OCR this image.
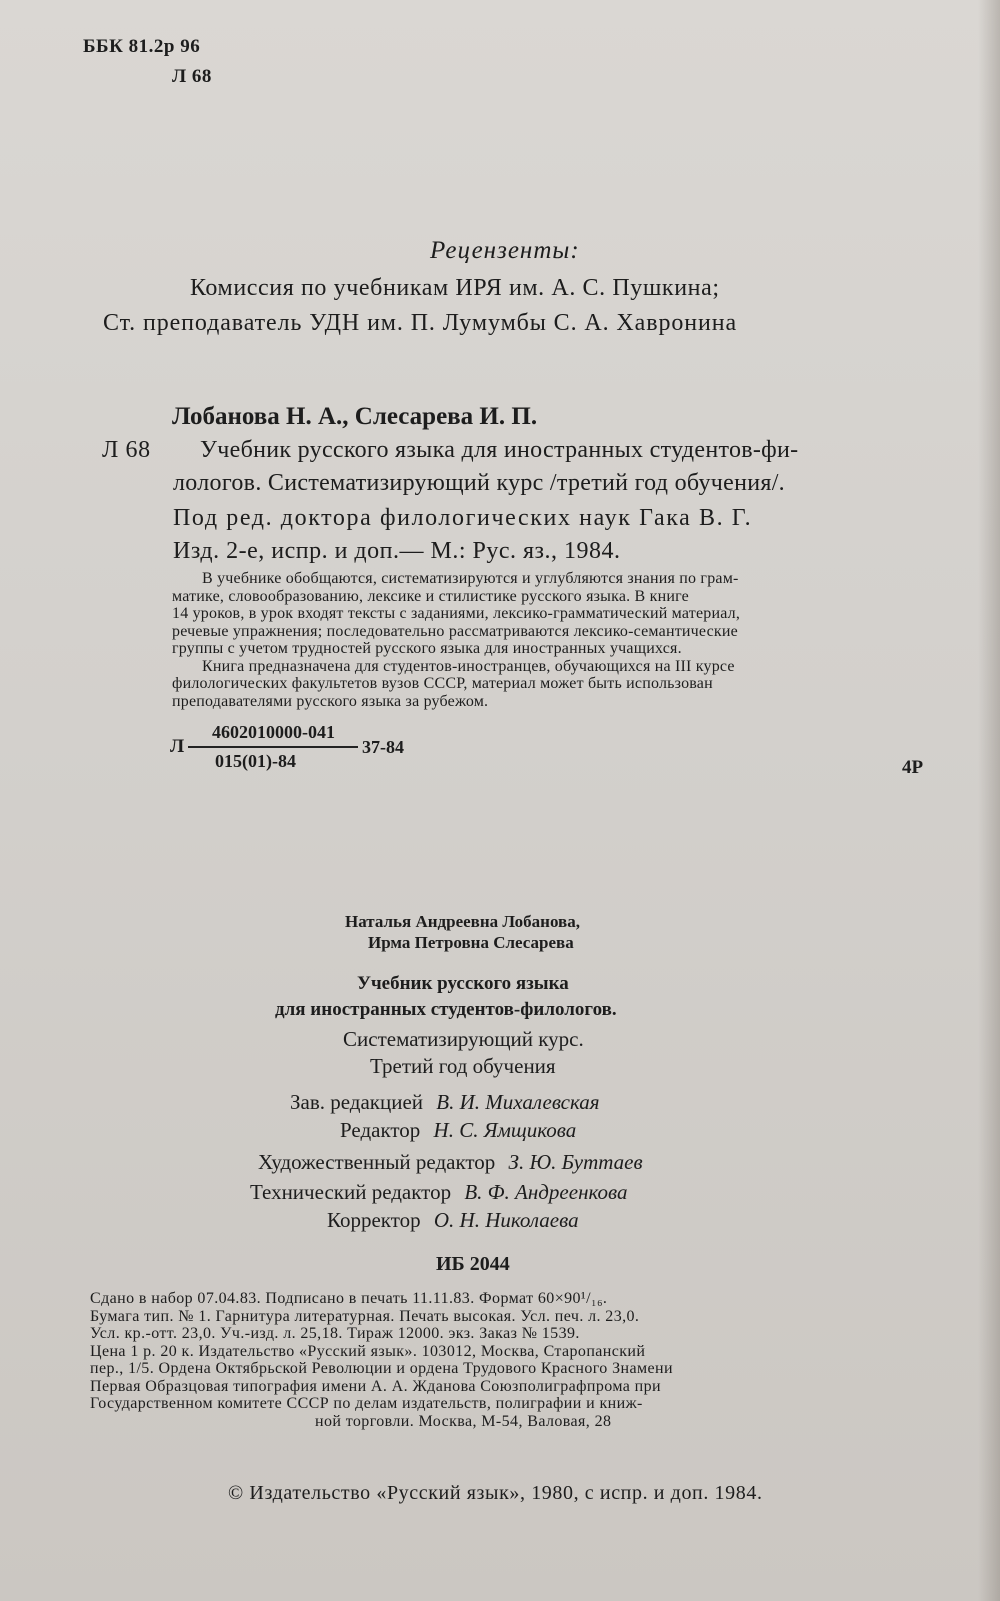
ББК 81.2р 96
Л 68
Рецензенты:
Комиссия по учебникам ИРЯ им. А. С. Пушкина;
Ст. преподаватель УДН им. П. Лумумбы С. А. Хавронина
Лобанова Н. А., Слесарева И. П.
Л 68 Учебник русского языка для иностранных студентов-фи-
лологов. Систематизирующий курс /третий год обучения/.
Под ред. доктора филологических наук Гака В. Г.
Изд. 2-е, испр. и доп.— М.: Рус. яз., 1984.
В учебнике обобщаются, систематизируются и углубляются знания по грам-
матике, словообразованию, лексике и стилистике русского языка. В книге
14 уроков, в урок входят тексты с заданиями, лексико-грамматический материал,
речевые упражнения; последовательно рассматриваются лексико-семантические
группы с учетом трудностей русского языка для иностранных учащихся.
Книга предназначена для студентов-иностранцев, обучающихся на III курсе
филологических факультетов вузов СССР, материал может быть использован
преподавателями русского языка за рубежом.
Л
4602010000-041
015(01)-84
37-84
4Р
Наталья Андреевна Лобанова,
Ирма Петровна Слесарева
Учебник русского языка
для иностранных студентов-филологов.
Систематизирующий курс.
Третий год обучения
Зав. редакцией В. И. Михалевская
Редактор Н. С. Ямщикова
Художественный редактор З. Ю. Буттаев
Технический редактор В. Ф. Андреенкова
Корректор О. Н. Николаева
ИБ 2044
Сдано в набор 07.04.83. Подписано в печать 11.11.83. Формат 60×90¹/₁₆.
Бумага тип. № 1. Гарнитура литературная. Печать высокая. Усл. печ. л. 23,0.
Усл. кр.-отт. 23,0. Уч.-изд. л. 25,18. Тираж 12000. экз. Заказ № 1539.
Цена 1 р. 20 к. Издательство «Русский язык». 103012, Москва, Старопанский
пер., 1/5. Ордена Октябрьской Революции и ордена Трудового Красного Знамени
Первая Образцовая типография имени А. А. Жданова Союзполиграфпрома при
Государственном комитете СССР по делам издательств, полиграфии и книж-
ной торговли. Москва, М-54, Валовая, 28
© Издательство «Русский язык», 1980, с испр. и доп. 1984.
